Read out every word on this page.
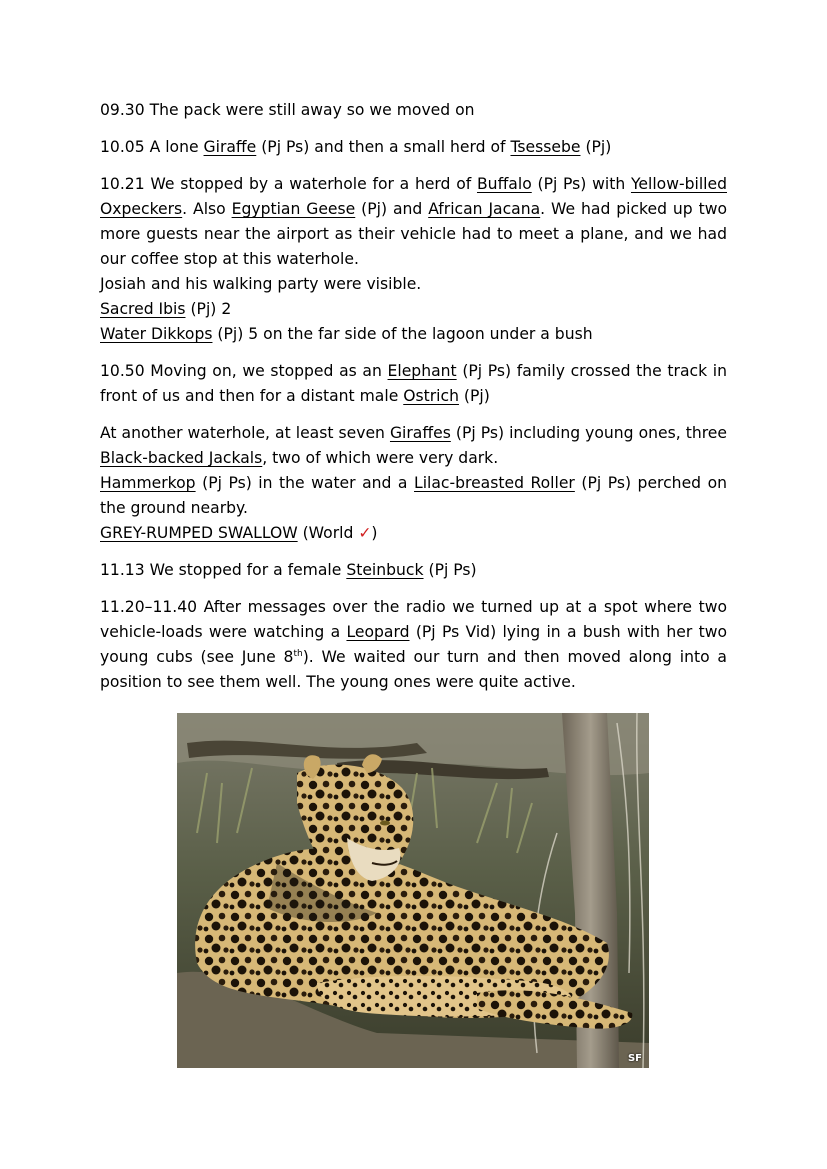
09.30 The pack were still away so we moved on

10.05 A lone Giraffe (Pj Ps) and then a small herd of Tsessebe (Pj)

10.21 We stopped by a waterhole for a herd of Buffalo (Pj Ps) with Yellow-billed Oxpeckers. Also Egyptian Geese (Pj) and African Jacana. We had picked up two more guests near the airport as their vehicle had to meet a plane, and we had our coffee stop at this waterhole.

Josiah and his walking party were visible.

Sacred Ibis (Pj) 2

Water Dikkops (Pj) 5 on the far side of the lagoon under a bush

10.50 Moving on, we stopped as an Elephant (Pj Ps) family crossed the track in front of us and then for a distant male Ostrich (Pj)

At another waterhole, at least seven Giraffes (Pj Ps) including young ones, three Black-backed Jackals, two of which were very dark.

Hammerkop (Pj Ps) in the water and a Lilac-breasted Roller (Pj Ps) perched on the ground nearby.

GREY-RUMPED SWALLOW (World ✓)

11.13 We stopped for a female Steinbuck (Pj Ps)

11.20–11.40 After messages over the radio we turned up at a spot where two vehicle-loads were watching a Leopard (Pj Ps Vid) lying in a bush with her two young cubs (see June 8th). We waited our turn and then moved along into a position to see them well. The young ones were quite active.

SF
